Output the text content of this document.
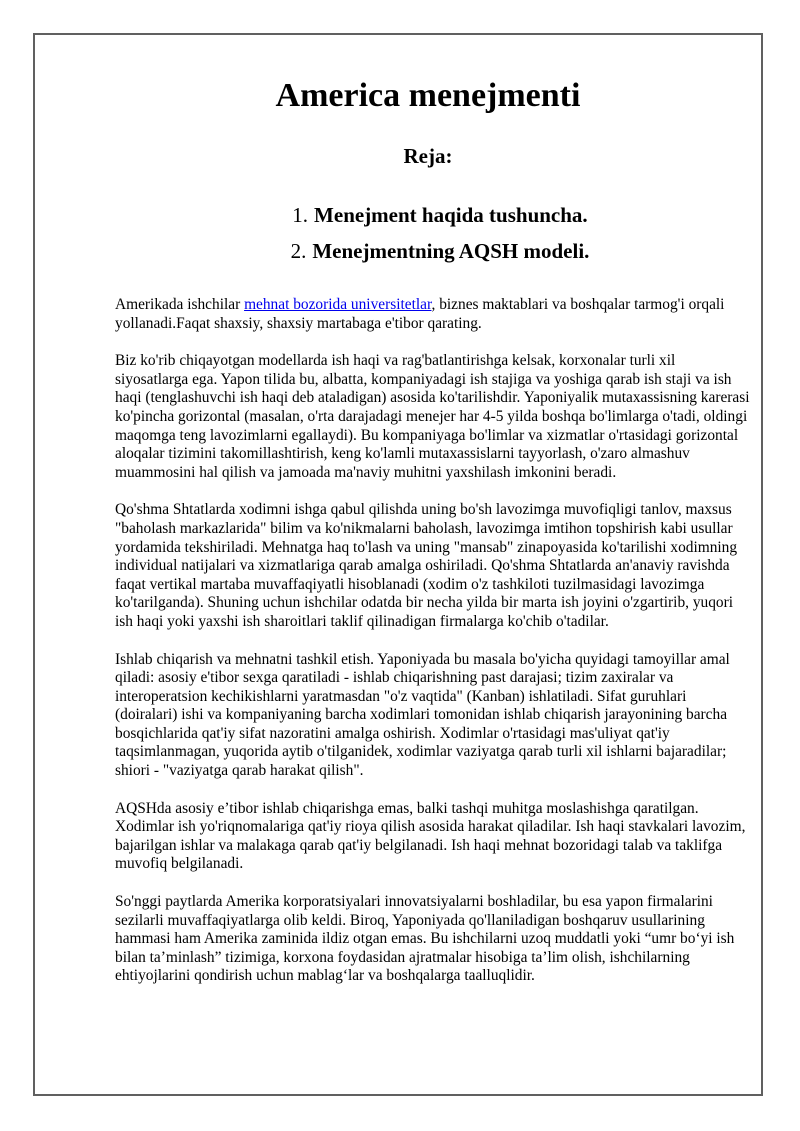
America menejmenti
Reja:
1. Menejment haqida tushuncha.
2. Menejmentning AQSH modeli.

Amerikada ishchilar mehnat bozorida universitetlar, biznes maktablari va boshqalar tarmog'i orqali yollanadi.Faqat shaxsiy, shaxsiy martabaga e'tibor qarating.

Biz ko'rib chiqayotgan modellarda ish haqi va rag'batlantirishga kelsak, korxonalar turli xil siyosatlarga ega. Yapon tilida bu, albatta, kompaniyadagi ish stajiga va yoshiga qarab ish staji va ish haqi (tenglashuvchi ish haqi deb ataladigan) asosida ko'tarilishdir. Yaponiyalik mutaxassisning karerasi ko'pincha gorizontal (masalan, o'rta darajadagi menejer har 4-5 yilda boshqa bo'limlarga o'tadi, oldingi maqomga teng lavozimlarni egallaydi). Bu kompaniyaga bo'limlar va xizmatlar o'rtasidagi gorizontal aloqalar tizimini takomillashtirish, keng ko'lamli mutaxassislarni tayyorlash, o'zaro almashuv muammosini hal qilish va jamoada ma'naviy muhitni yaxshilash imkonini beradi.

Qo'shma Shtatlarda xodimni ishga qabul qilishda uning bo'sh lavozimga muvofiqligi tanlov, maxsus "baholash markazlarida" bilim va ko'nikmalarni baholash, lavozimga imtihon topshirish kabi usullar yordamida tekshiriladi. Mehnatga haq to'lash va uning "mansab" zinapoyasida ko'tarilishi xodimning individual natijalari va xizmatlariga qarab amalga oshiriladi. Qo'shma Shtatlarda an'anaviy ravishda faqat vertikal martaba muvaffaqiyatli hisoblanadi (xodim o'z tashkiloti tuzilmasidagi lavozimga ko'tarilganda). Shuning uchun ishchilar odatda bir necha yilda bir marta ish joyini o'zgartirib, yuqori ish haqi yoki yaxshi ish sharoitlari taklif qilinadigan firmalarga ko'chib o'tadilar.

Ishlab chiqarish va mehnatni tashkil etish. Yaponiyada bu masala bo'yicha quyidagi tamoyillar amal qiladi: asosiy e'tibor sexga qaratiladi - ishlab chiqarishning past darajasi; tizim zaxiralar va interoperatsion kechikishlarni yaratmasdan "o'z vaqtida" (Kanban) ishlatiladi. Sifat guruhlari (doiralari) ishi va kompaniyaning barcha xodimlari tomonidan ishlab chiqarish jarayonining barcha bosqichlarida qat'iy sifat nazoratini amalga oshirish. Xodimlar o'rtasidagi mas'uliyat qat'iy taqsimlanmagan, yuqorida aytib o'tilganidek, xodimlar vaziyatga qarab turli xil ishlarni bajaradilar; shiori - "vaziyatga qarab harakat qilish".

AQSHda asosiy e’tibor ishlab chiqarishga emas, balki tashqi muhitga moslashishga qaratilgan. Xodimlar ish yo'riqnomalariga qat'iy rioya qilish asosida harakat qiladilar. Ish haqi stavkalari lavozim, bajarilgan ishlar va malakaga qarab qat'iy belgilanadi. Ish haqi mehnat bozoridagi talab va taklifga muvofiq belgilanadi.

So'nggi paytlarda Amerika korporatsiyalari innovatsiyalarni boshladilar, bu esa yapon firmalarini sezilarli muvaffaqiyatlarga olib keldi. Biroq, Yaponiyada qo'llaniladigan boshqaruv usullarining hammasi ham Amerika zaminida ildiz otgan emas. Bu ishchilarni uzoq muddatli yoki “umr bo‘yi ish bilan ta’minlash” tizimiga, korxona foydasidan ajratmalar hisobiga ta’lim olish, ishchilarning ehtiyojlarini qondirish uchun mablag‘lar va boshqalarga taalluqlidir.
